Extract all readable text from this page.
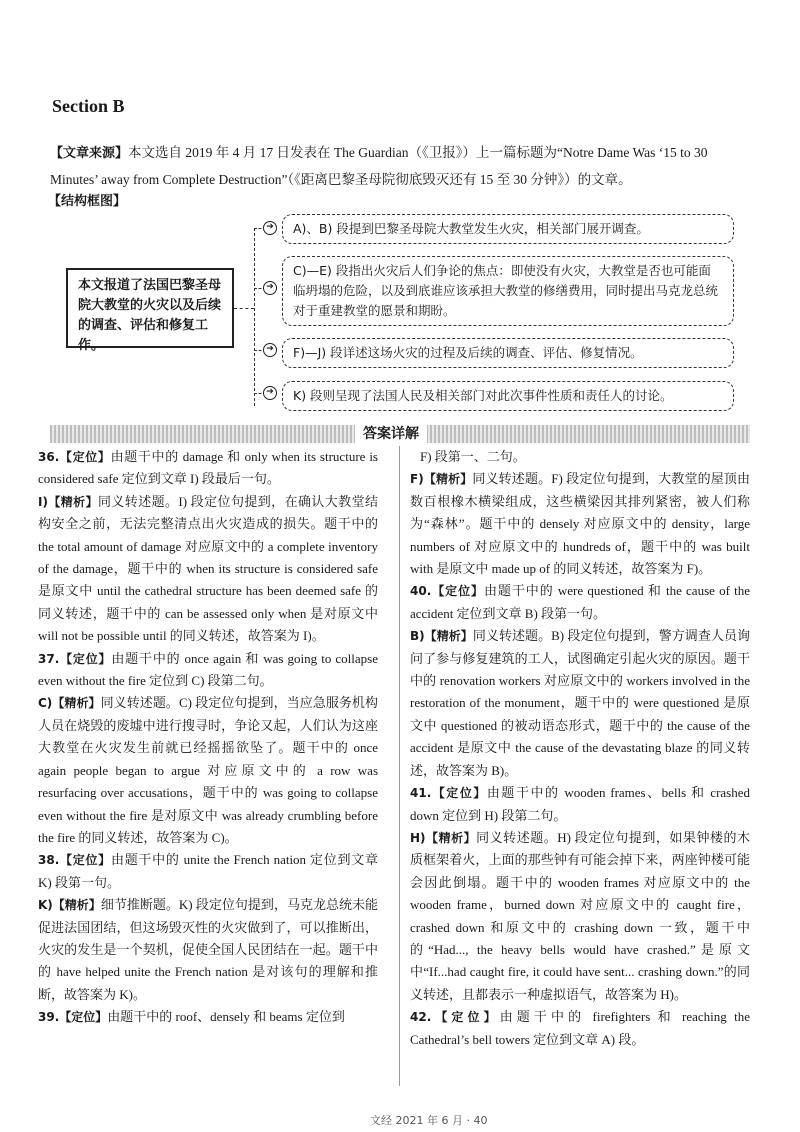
Section B
【文章来源】本文选自 2019 年 4 月 17 日发表在 The Guardian（《卫报》）上一篇标题为“Notre Dame Was ‘15 to 30 Minutes’ away from Complete Destruction”（《距离巴黎圣母院彻底毁灭还有 15 至 30 分钟》）的文章。
【结构框图】
本文报道了法国巴黎圣母院大教堂的火灾以及后续的调查、评估和修复工作。
➔
➔
➔
➔
A)、B) 段提到巴黎圣母院大教堂发生火灾，相关部门展开调查。
C)—E) 段指出火灾后人们争论的焦点：即使没有火灾，大教堂是否也可能面临坍塌的危险，以及到底谁应该承担大教堂的修缮费用，同时提出马克龙总统对于重建教堂的愿景和期盼。
F)—J) 段详述这场火灾的过程及后续的调查、评估、修复情况。
K) 段则呈现了法国人民及相关部门对此次事件性质和责任人的讨论。
答案详解
36.【定位】由题干中的 damage 和 only when its structure is considered safe 定位到文章 I) 段最后一句。
I)【精析】同义转述题。I) 段定位句提到，在确认大教堂结构安全之前，无法完整清点出火灾造成的损失。题干中的 the total amount of damage 对应原文中的 a complete inventory of the damage，题干中的 when its structure is considered safe 是原文中 until the cathedral structure has been deemed safe 的同义转述，题干中的 can be assessed only when 是对原文中 will not be possible until 的同义转述，故答案为 I)。
37.【定位】由题干中的 once again 和 was going to collapse even without the fire 定位到 C) 段第二句。
C)【精析】同义转述题。C) 段定位句提到，当应急服务机构人员在烧毁的废墟中进行搜寻时，争论又起，人们认为这座大教堂在火灾发生前就已经摇摇欲坠了。题干中的 once again people began to argue 对应原文中的 a row was resurfacing over accusations，题干中的 was going to collapse even without the fire 是对原文中 was already crumbling before the fire 的同义转述，故答案为 C)。
38.【定位】由题干中的 unite the French nation 定位到文章 K) 段第一句。
K)【精析】细节推断题。K) 段定位句提到，马克龙总统未能促进法国团结，但这场毁灭性的火灾做到了，可以推断出，火灾的发生是一个契机，促使全国人民团结在一起。题干中的 have helped unite the French nation 是对该句的理解和推断，故答案为 K)。
39.【定位】由题干中的 roof、densely 和 beams 定位到
F) 段第一、二句。
F)【精析】同义转述题。F) 段定位句提到，大教堂的屋顶由数百根橡木横梁组成，这些横梁因其排列紧密，被人们称为“森林”。题干中的 densely 对应原文中的 density，large numbers of 对应原文中的 hundreds of，题干中的 was built with 是原文中 made up of 的同义转述，故答案为 F)。
40.【定位】由题干中的 were questioned 和 the cause of the accident 定位到文章 B) 段第一句。
B)【精析】同义转述题。B) 段定位句提到，警方调查人员询问了参与修复建筑的工人，试图确定引起火灾的原因。题干中的 renovation workers 对应原文中的 workers involved in the restoration of the monument，题干中的 were questioned 是原文中 questioned 的被动语态形式，题干中的 the cause of the accident 是原文中 the cause of the devastating blaze 的同义转述，故答案为 B)。
41.【定位】由题干中的 wooden frames、bells 和 crashed down 定位到 H) 段第二句。
H)【精析】同义转述题。H) 段定位句提到，如果钟楼的木质框架着火，上面的那些钟有可能会掉下来，两座钟楼可能会因此倒塌。题干中的 wooden frames 对应原文中的 the wooden frame，burned down 对应原文中的 caught fire，crashed down 和原文中的 crashing down 一致，题干中的“Had..., the heavy bells would have crashed.”是原文中“If...had caught fire, it could have sent... crashing down.”的同义转述，且都表示一种虚拟语气，故答案为 H)。
42.【定位】由题干中的 firefighters 和 reaching the Cathedral’s bell towers 定位到文章 A) 段。
文经 2021 年 6 月 · 40
